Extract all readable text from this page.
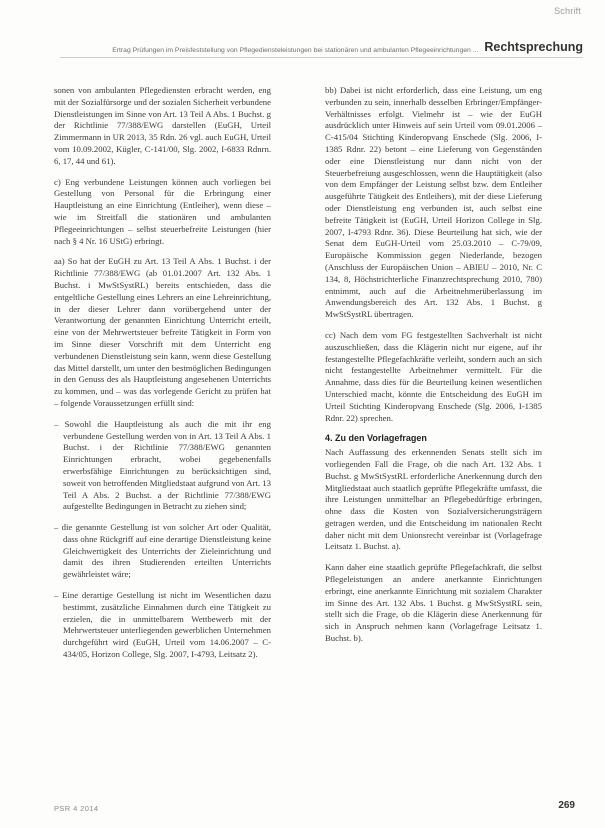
Schrift
Ertrag Prüfungen im Preisfeststellung von Pflegediensteleistungen bei stationären und ambulanten Pflegeeinrichtungen ... Rechtsprechung

sonen von ambulanten Pflegediensten erbracht werden, eng mit der Sozialfürsorge und der sozialen Sicherheit verbundene Dienstleistungen im Sinne von Art. 13 Teil A Abs. 1 Buchst. g der Richtlinie 77/388/EWG darstellen (EuGH, Urteil Zimmermann in UR 2013, 35 Rdn. 26 vgl. auch EuGH, Urteil vom 10.09.2002, Kügler, C-141/00, Slg. 2002, I-6833 Rdnrn. 6, 17, 44 und 61).

c) Eng verbundene Leistungen können auch vorliegen bei Gestellung von Personal für die Erbringung einer Hauptleistung an eine Einrichtung (Entleiher), wenn diese – wie im Streitfall die stationären und ambulanten Pflegeeinrichtungen – selbst steuerbefreite Leistungen (hier nach § 4 Nr. 16 UStG) erbringt.

aa) So hat der EuGH zu Art. 13 Teil A Abs. 1 Buchst. i der Richtlinie 77/388/EWG (ab 01.01.2007 Art. 132 Abs. 1 Buchst. i MwStSystRL) bereits entschieden, dass die entgeltliche Gestellung eines Lehrers an eine Lehreinrichtung, in der dieser Lehrer dann vorübergehend unter der Verantwortung der genannten Einrichtung Unterricht erteilt, eine von der Mehrwertsteuer befreite Tätigkeit in Form von im Sinne dieser Vorschrift mit dem Unterricht eng verbundenen Dienstleistung sein kann, wenn diese Gestellung das Mittel darstellt, um unter den bestmöglichen Bedingungen in den Genuss des als Hauptleistung angesehenen Unterrichts zu kommen, und – was das vorlegende Gericht zu prüfen hat – folgende Voraussetzungen erfüllt sind:

– Sowohl die Hauptleistung als auch die mit ihr eng verbundene Gestellung werden von in Art. 13 Teil A Abs. 1 Buchst. i der Richtlinie 77/388/EWG genannten Einrichtungen erbracht, wobei gegebenenfalls erwerbsfähige Einrichtungen zu berücksichtigen sind, soweit von betroffenden Mitgliedstaat aufgrund von Art. 13 Teil A Abs. 2 Buchst. a der Richtlinie 77/388/EWG aufgestellte Bedingungen in Betracht zu ziehen sind;

– die genannte Gestellung ist von solcher Art oder Qualität, dass ohne Rückgriff auf eine derartige Dienstleistung keine Gleichwertigkeit des Unterrichts der Zieleinrichtung und damit des ihren Studierenden erteilten Unterrichts gewährleistet wäre;

– Eine derartige Gestellung ist nicht im Wesentlichen dazu bestimmt, zusätzliche Einnahmen durch eine Tätigkeit zu erzielen, die in unmittelbarem Wettbewerb mit der Mehrwertsteuer unterliegenden gewerblichen Unternehmen durchgeführt wird (EuGH, Urteil vom 14.06.2007 – C-434/05, Horizon College, Slg. 2007, I-4793, Leitsatz 2).

bb) Dabei ist nicht erforderlich, dass eine Leistung, um eng verbunden zu sein, innerhalb desselben Erbringer/Empfänger-Verhältnisses erfolgt. Vielmehr ist – wie der EuGH ausdrücklich unter Hinweis auf sein Urteil vom 09.01.2006 – C-415/04 Stichting Kinderopvang Enschede (Slg. 2006, I-1385 Rdnr. 22) betont – eine Lieferung von Gegenständen oder eine Dienstleistung nur dann nicht von der Steuerbefreiung ausgeschlossen, wenn die Hauptätigkeit (also von dem Empfänger der Leistung selbst bzw. dem Entleiher ausgeführte Tätigkeit des Entleihers), mit der diese Lieferung oder Dienstleistung eng verbunden ist, auch selbst eine befreite Tätigkeit ist (EuGH, Urteil Horizon College in Slg. 2007, I-4793 Rdnr. 36). Diese Beurteilung hat sich, wie der Senat dem EuGH-Urteil vom 25.03.2010 – C-79/09, Europäische Kommission gegen Niederlande, bezogen (Anschluss der Europäischen Union – ABlEU – 2010, Nr. C 134, 8, Höchstrichterliche Finanzrechtsprechung 2010, 780) entnimmt, auch auf die Arbeitnehmerüberlassung im Anwendungsbereich des Art. 132 Abs. 1 Buchst. g MwStSystRL übertragen.

cc) Nach dem vom FG festgestellten Sachverhalt ist nicht auszuschließen, dass die Klägerin nicht nur eigene, auf ihr festangestellte Pflegefachkräfte verleiht, sondern auch an sich nicht festangestellte Arbeitnehmer vermittelt. Für die Annahme, dass dies für die Beurteilung keinen wesentlichen Unterschied macht, könnte die Entscheidung des EuGH im Urteil Stichting Kinderopvang Enschede (Slg. 2006, I-1385 Rdnr. 22) sprechen.

4. Zu den Vorlagefragen

Nach Auffassung des erkennenden Senats stellt sich im vorliegenden Fall die Frage, ob die nach Art. 132 Abs. 1 Buchst. g MwStSystRL erforderliche Anerkennung durch den Mitgliedstaat auch staatlich geprüfte Pflegekräfte umfasst, die ihre Leistungen unmittelbar an Pflegebedürftige erbringen, ohne dass die Kosten von Sozialversicherungsträgern getragen werden, und die Entscheidung im nationalen Recht daher nicht mit dem Unionsrecht vereinbar ist (Vorlagefrage Leitsatz 1. Buchst. a).

Kann daher eine staatlich geprüfte Pflegefachkraft, die selbst Pflegeleistungen an andere anerkannte Einrichtungen erbringt, eine anerkannte Einrichtung mit sozialem Charakter im Sinne des Art. 132 Abs. 1 Buchst. g MwStSystRL sein, stellt sich die Frage, ob die Klägerin diese Anerkennung für sich in Anspruch nehmen kann (Vorlagefrage Leitsatz 1. Buchst. b).

PSR 4 2014	269
